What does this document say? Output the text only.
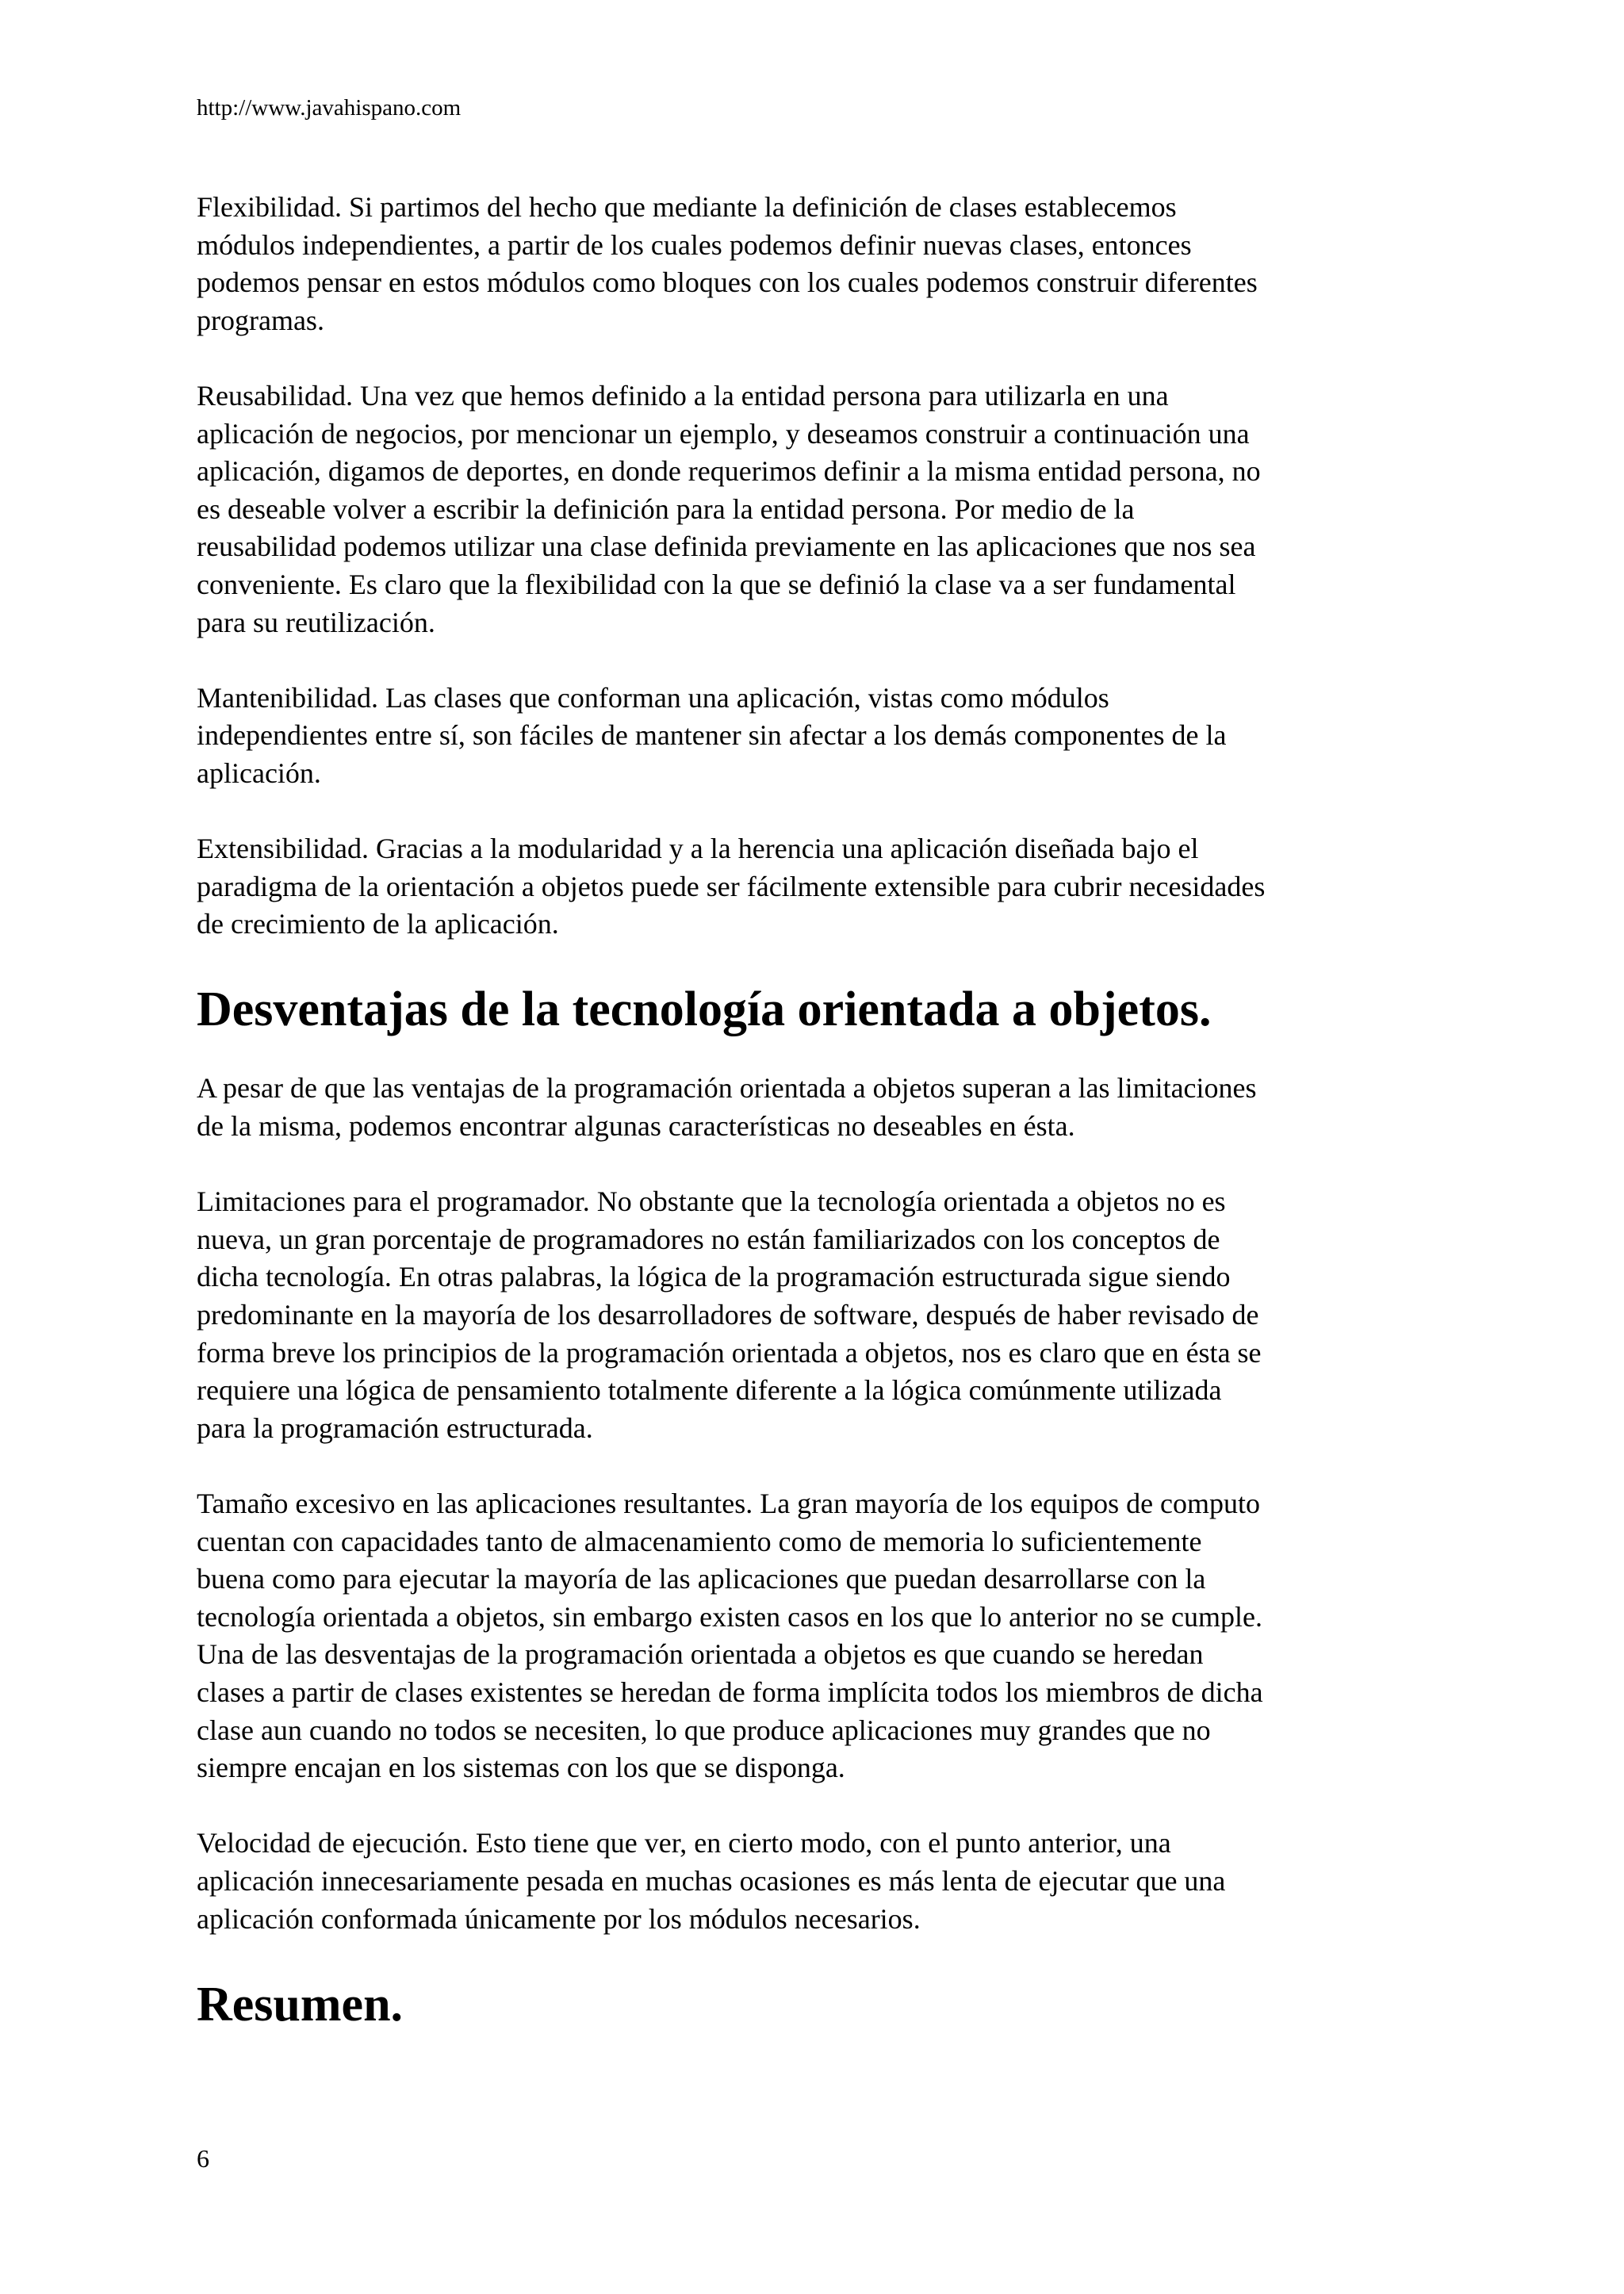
http://www.javahispano.com
Flexibilidad. Si partimos del hecho que mediante la definición de clases establecemos
módulos independientes, a partir de los cuales podemos definir nuevas clases, entonces
podemos pensar en estos módulos como bloques con los cuales podemos construir diferentes
programas.
Reusabilidad. Una vez que hemos definido a la entidad persona para utilizarla en una
aplicación de negocios, por mencionar un ejemplo, y deseamos construir a continuación una
aplicación, digamos de deportes, en donde requerimos definir a la misma entidad persona, no
es deseable volver a escribir la definición para la entidad persona. Por medio de la
reusabilidad podemos utilizar una clase definida previamente en las aplicaciones que nos sea
conveniente. Es claro que la flexibilidad con la que se definió la clase va a ser fundamental
para su reutilización.
Mantenibilidad. Las clases que conforman una aplicación, vistas como módulos
independientes entre sí, son fáciles de mantener sin afectar a los demás componentes de la
aplicación.
Extensibilidad. Gracias a la modularidad y a la herencia una aplicación diseñada bajo el
paradigma de la orientación a objetos puede ser fácilmente extensible para cubrir necesidades
de crecimiento de la aplicación.
Desventajas de la tecnología orientada a objetos.
A pesar de que las ventajas de la programación orientada a objetos superan a las limitaciones
de la misma, podemos encontrar algunas características no deseables en ésta.
Limitaciones para el programador. No obstante que la tecnología orientada a objetos no es
nueva, un gran porcentaje de programadores no están familiarizados con los conceptos de
dicha tecnología. En otras palabras, la lógica de la programación estructurada sigue siendo
predominante en la mayoría de los desarrolladores de software, después de haber revisado de
forma breve los principios de la programación orientada a objetos, nos es claro que en ésta se
requiere una lógica de pensamiento totalmente diferente a la lógica comúnmente utilizada
para la programación estructurada.
Tamaño excesivo en las aplicaciones resultantes. La gran mayoría de los equipos de computo
cuentan con capacidades tanto de almacenamiento como de memoria lo suficientemente
buena como para ejecutar la mayoría de las aplicaciones que puedan desarrollarse con la
tecnología orientada a objetos, sin embargo existen casos en los que lo anterior no se cumple.
Una de las desventajas de la programación orientada a objetos es que cuando se heredan
clases a partir de clases existentes se heredan de forma implícita todos los miembros de dicha
clase aun cuando no todos se necesiten, lo que produce aplicaciones muy grandes que no
siempre encajan en los sistemas con los que se disponga.
Velocidad de ejecución. Esto tiene que ver, en cierto modo, con el punto anterior, una
aplicación innecesariamente pesada en muchas ocasiones es más lenta de ejecutar que una
aplicación conformada únicamente por los módulos necesarios.
Resumen.
6
